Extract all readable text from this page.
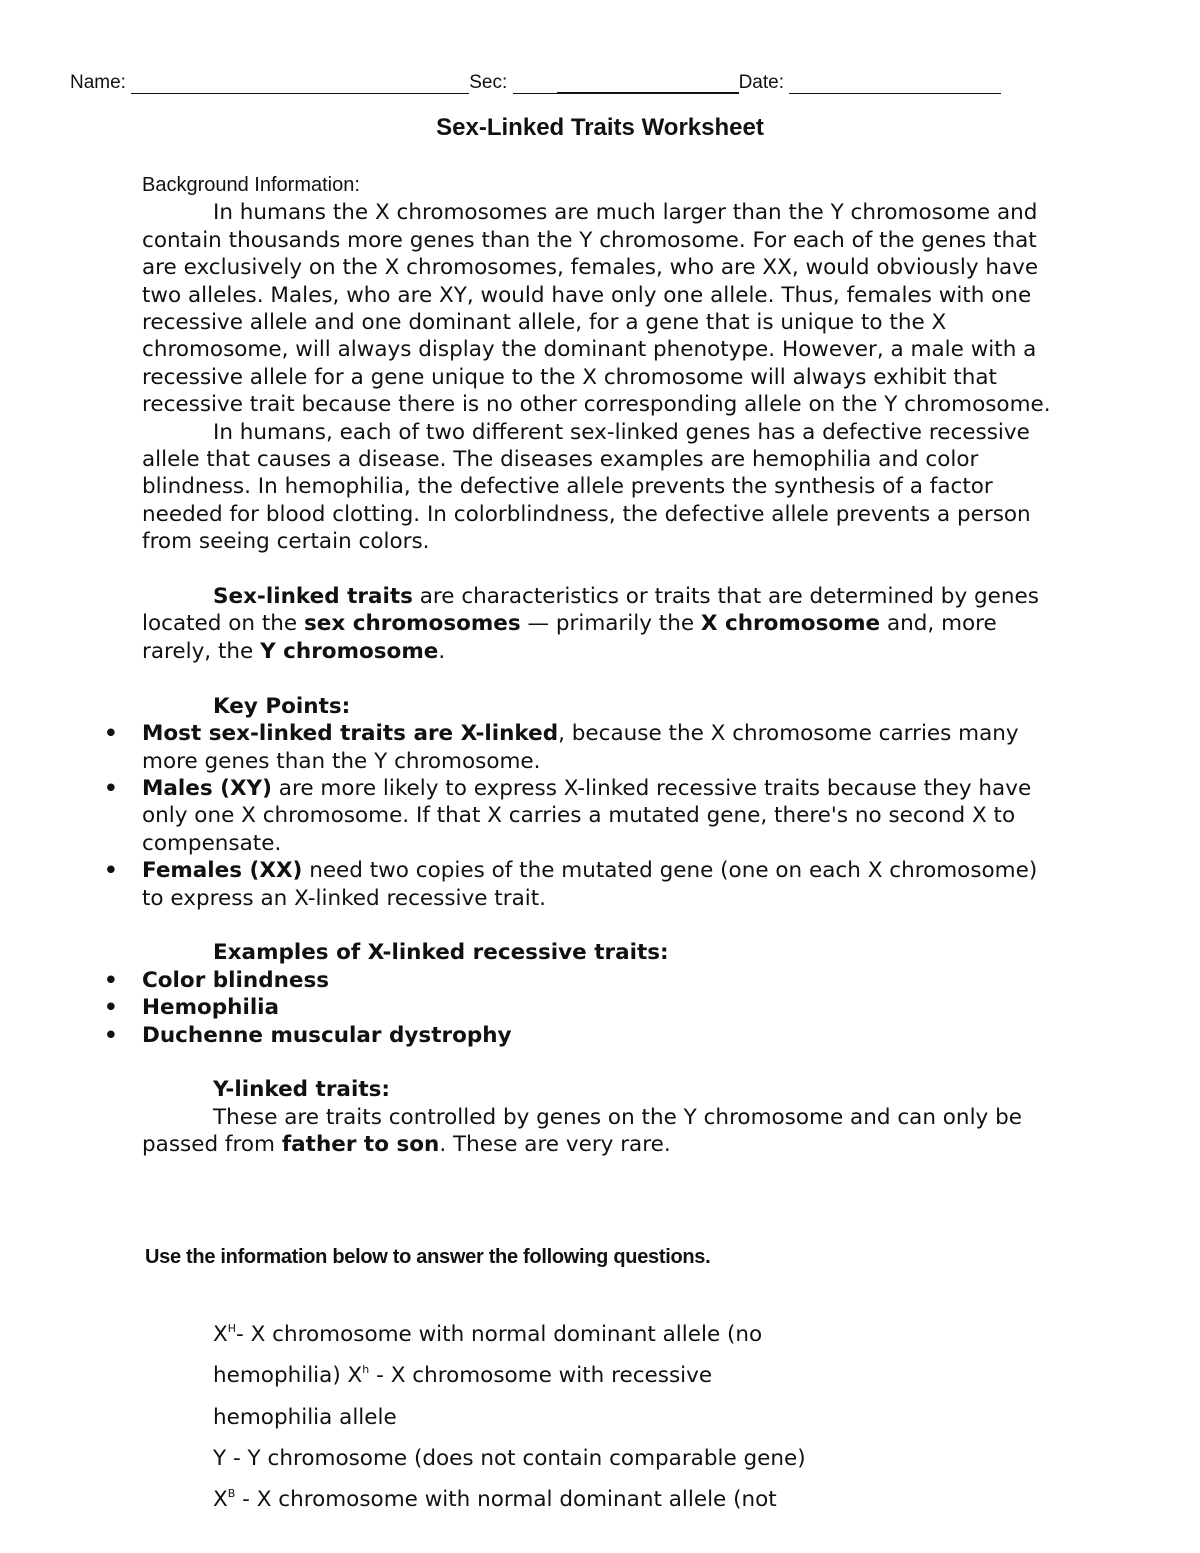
Name:	Sec:	Date:
Sex-Linked Traits Worksheet

Background Information:

In humans the X chromosomes are much larger than the Y chromosome and contain thousands more genes than the Y chromosome. For each of the genes that are exclusively on the X chromosomes, females, who are XX, would obviously have two alleles. Males, who are XY, would have only one allele. Thus, females with one recessive allele and one dominant allele, for a gene that is unique to the X chromosome, will always display the dominant phenotype. However, a male with a recessive allele for a gene unique to the X chromosome will always exhibit that recessive trait because there is no other corresponding allele on the Y chromosome.

In humans, each of two different sex-linked genes has a defective recessive allele that causes a disease. The diseases examples are hemophilia and color blindness. In hemophilia, the defective allele prevents the synthesis of a factor needed for blood clotting. In colorblindness, the defective allele prevents a person from seeing certain colors.

Sex-linked traits are characteristics or traits that are determined by genes located on the sex chromosomes — primarily the X chromosome and, more rarely, the Y chromosome.

Key Points:

• Most sex-linked traits are X-linked, because the X chromosome carries many more genes than the Y chromosome.
• Males (XY) are more likely to express X-linked recessive traits because they have only one X chromosome. If that X carries a mutated gene, there's no second X to compensate.
• Females (XX) need two copies of the mutated gene (one on each X chromosome) to express an X-linked recessive trait.

Examples of X-linked recessive traits:

• Color blindness
• Hemophilia
• Duchenne muscular dystrophy

Y-linked traits:

These are traits controlled by genes on the Y chromosome and can only be passed from father to son. These are very rare.

Use the information below to answer the following questions.

$X^H-$ X chromosome with normal dominant allele (no

hemophilia) $X^h$ - X chromosome with recessive

hemophilia allele

Y - Y chromosome (does not contain comparable gene)

$X^B$ - X chromosome with normal dominant allele (not
